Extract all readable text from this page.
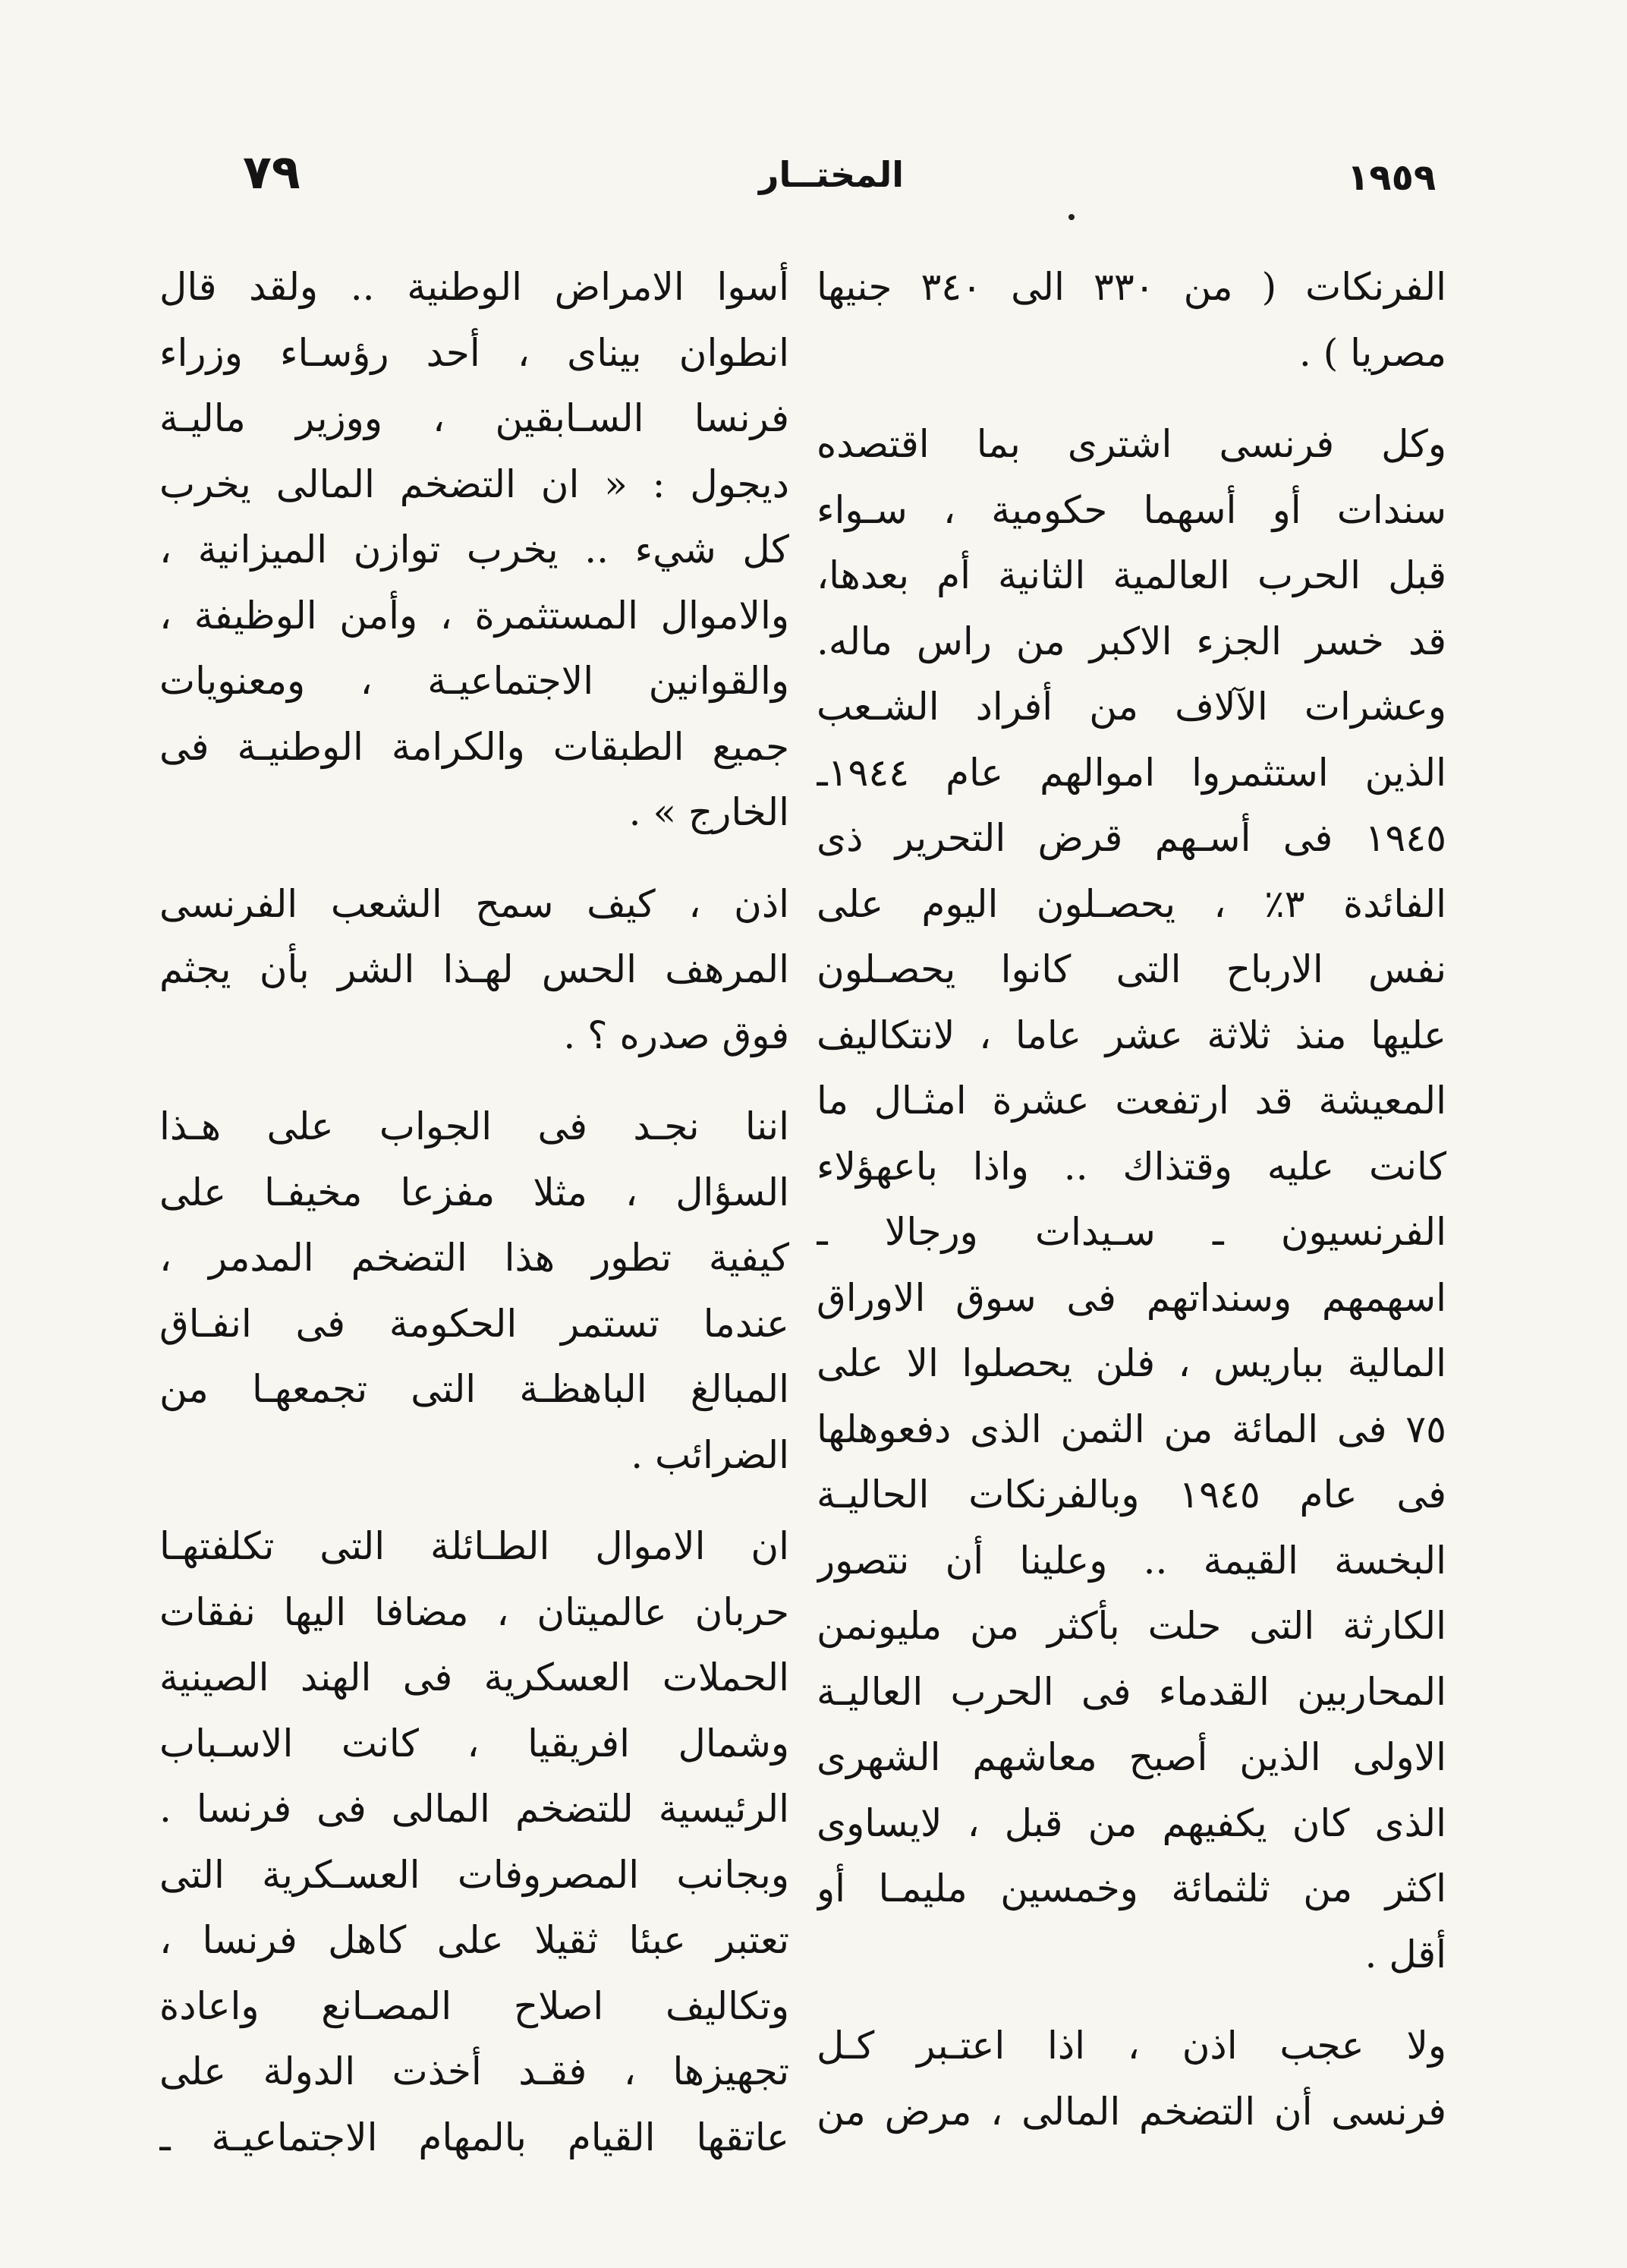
٧٩	المختــار	١٩٥٩

الفرنكات ( من ٣٣٠ الى ٣٤٠ جنيها
مصريا ) .

وكل فرنسى اشترى بما اقتصده
سندات أو أسهما حكومية ، سـواء
قبل الحرب العالمية الثانية أم بعدها،
قد خسر الجزء الاكبر من راس ماله.
وعشرات الآلاف من أفراد الشـعب
الذين استثمروا اموالهم عام ١٩٤٤ـ
١٩٤٥ فى أسـهم قرض التحرير ذى
الفائدة ٣٪ ، يحصـلون اليوم على
نفس الارباح التى كانوا يحصـلون
عليها منذ ثلاثة عشر عاما ، لانتكاليف
المعيشة قد ارتفعت عشرة امثـال ما
كانت عليه وقتذاك .. واذا باعهؤلاء
الفرنسيون ـ سـيدات ورجالا ـ
اسهمهم وسنداتهم فى سوق الاوراق
المالية بباريس ، فلن يحصلوا الا على
٧٥ فى المائة من الثمن الذى دفعوهلها
فى عام ١٩٤٥ وبالفرنكات الحاليـة
البخسة القيمة .. وعلينا أن نتصور
الكارثة التى حلت بأكثر من مليونمن
المحاربين القدماء فى الحرب العاليـة
الاولى الذين أصبح معاشهم الشهرى
الذى كان يكفيهم من قبل ، لايساوى
اكثر من ثلثمائة وخمسين مليمـا أو
أقل .

ولا عجب اذن ، اذا اعتـبر كـل
فرنسى أن التضخم المالى ، مرض من

أسوا الامراض الوطنية .. ولقد قال
انطوان بيناى ، أحد رؤسـاء وزراء
فرنسا السـابقين ، ووزير ماليـة
ديجول : « ان التضخم المالى يخرب
كل شيء .. يخرب توازن الميزانية ،
والاموال المستثمرة ، وأمن الوظيفة ،
والقوانين الاجتماعيـة ، ومعنويات
جميع الطبقات والكرامة الوطنيـة فى
الخارج » .

اذن ، كيف سمح الشعب الفرنسى
المرهف الحس لهـذا الشر بأن يجثم
فوق صدره ؟ .

اننا نجـد فى الجواب على هـذا
السؤال ، مثلا مفزعا مخيفـا على
كيفية تطور هذا التضخم المدمر ،
عندما تستمر الحكومة فى انفـاق
المبالغ الباهظـة التى تجمعهـا من
الضرائب .

ان الاموال الطـائلة التى تكلفتهـا
حربان عالميتان ، مضافا اليها نفقات
الحملات العسكرية فى الهند الصينية
وشمال افريقيا ، كانت الاسـباب
الرئيسية للتضخم المالى فى فرنسا .
وبجانب المصروفات العسـكرية التى
تعتبر عبئا ثقيلا على كاهل فرنسا ،
وتكاليف اصلاح المصـانع واعادة
تجهيزها ، فقـد أخذت الدولة على
عاتقها القيام بالمهام الاجتماعيـة ـ
